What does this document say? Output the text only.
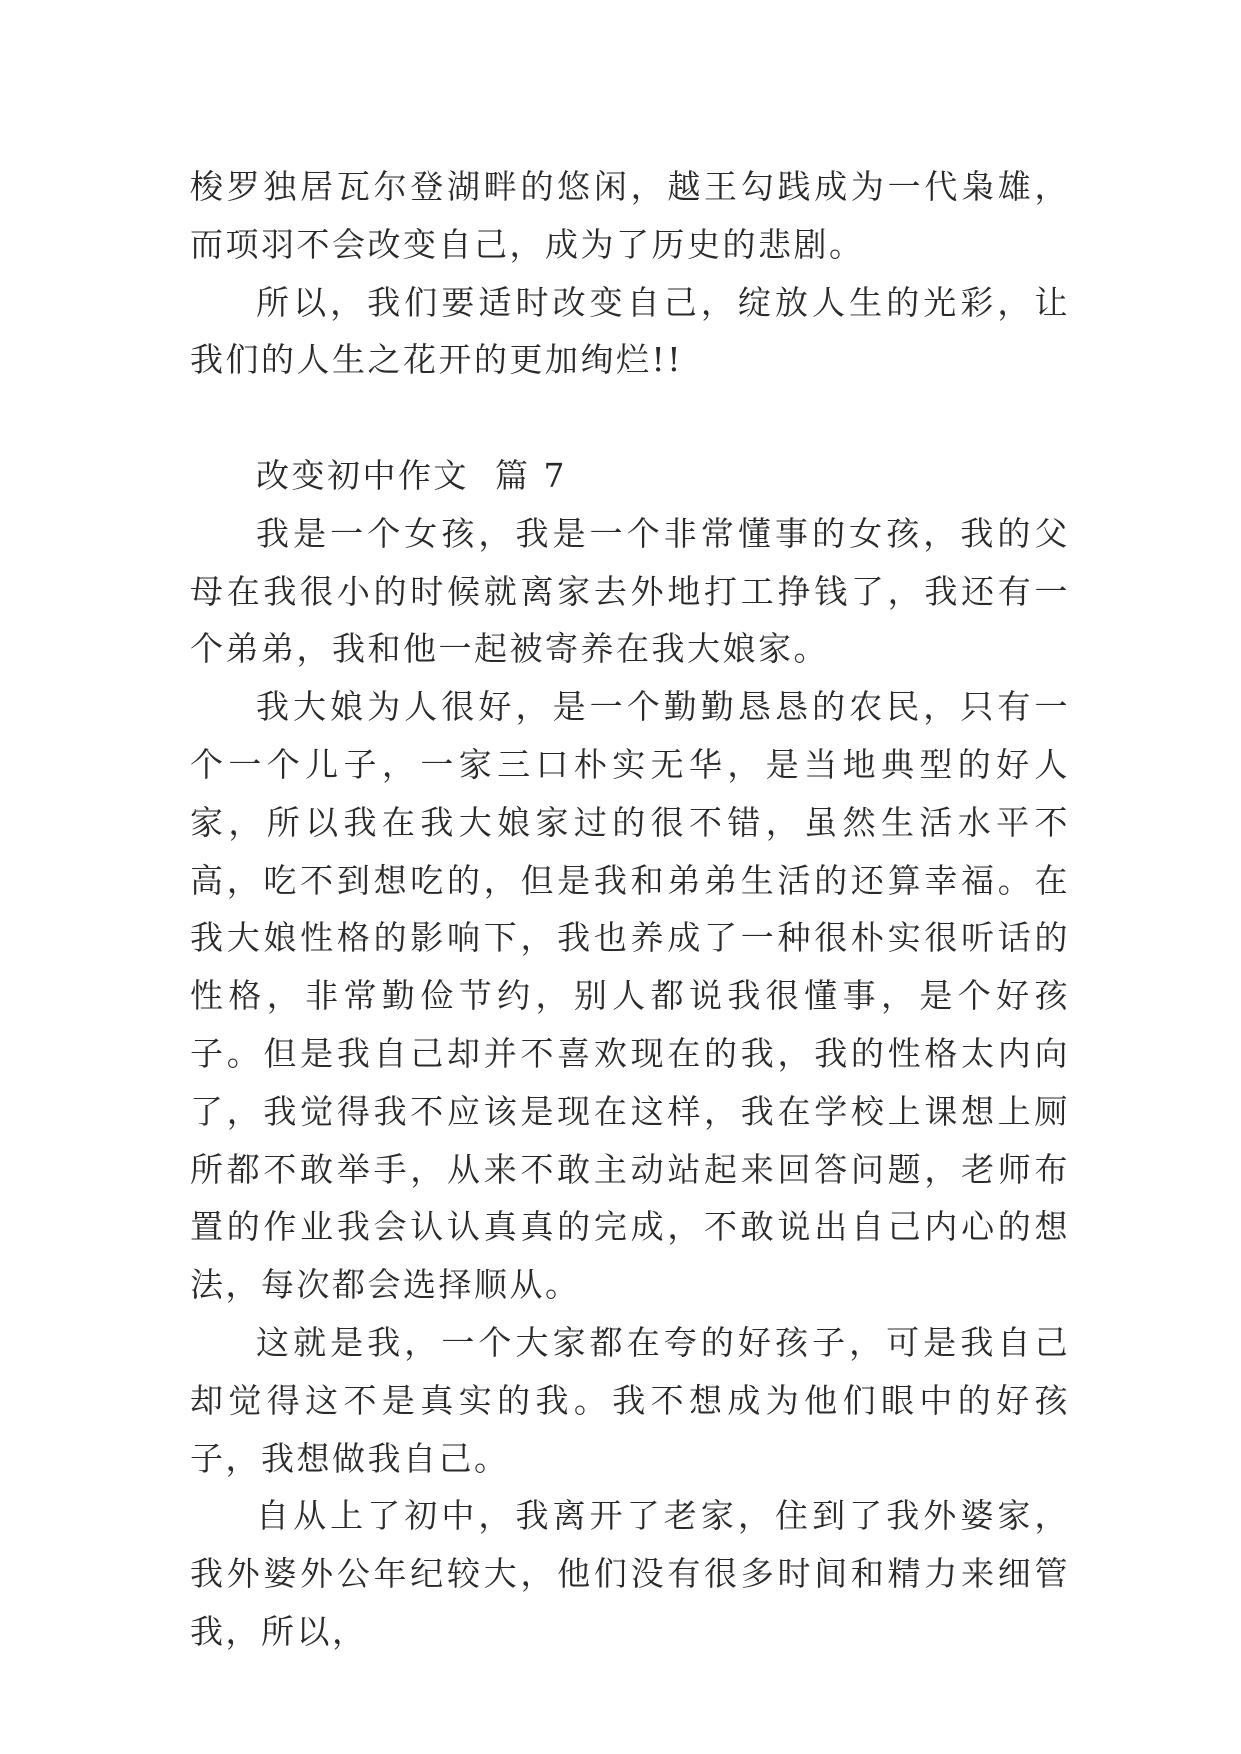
梭罗独居瓦尔登湖畔的悠闲，越王勾践成为一代枭雄，而项羽不会改变自己，成为了历史的悲剧。

所以，我们要适时改变自己，绽放人生的光彩，让我们的人生之花开的更加绚烂!!

改变初中作文  篇 7

我是一个女孩，我是一个非常懂事的女孩，我的父母在我很小的时候就离家去外地打工挣钱了，我还有一个弟弟，我和他一起被寄养在我大娘家。

我大娘为人很好，是一个勤勤恳恳的农民，只有一个一个儿子，一家三口朴实无华，是当地典型的好人家，所以我在我大娘家过的很不错，虽然生活水平不高，吃不到想吃的，但是我和弟弟生活的还算幸福。在我大娘性格的影响下，我也养成了一种很朴实很听话的性格，非常勤俭节约，别人都说我很懂事，是个好孩子。但是我自己却并不喜欢现在的我，我的性格太内向了，我觉得我不应该是现在这样，我在学校上课想上厕所都不敢举手，从来不敢主动站起来回答问题，老师布置的作业我会认认真真的完成，不敢说出自己内心的想法，每次都会选择顺从。

这就是我，一个大家都在夸的好孩子，可是我自己却觉得这不是真实的我。我不想成为他们眼中的好孩子，我想做我自己。

自从上了初中，我离开了老家，住到了我外婆家，我外婆外公年纪较大，他们没有很多时间和精力来细管我，所以，
